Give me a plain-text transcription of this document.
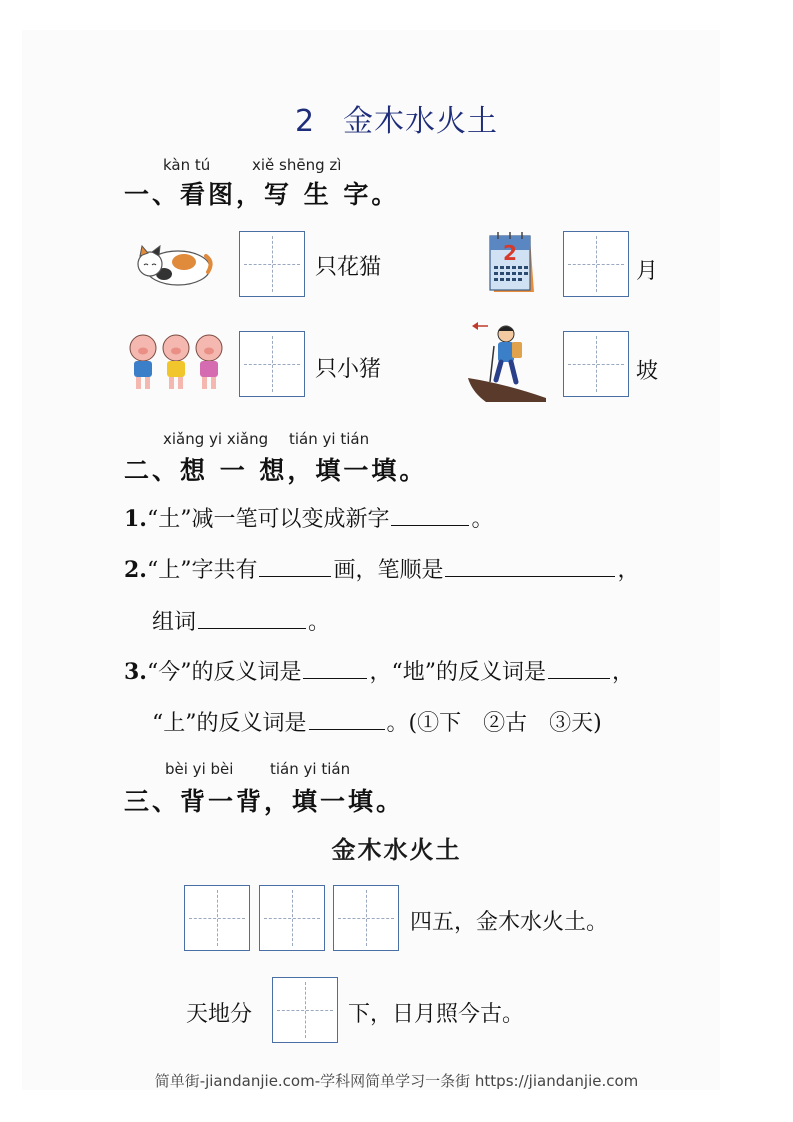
2 金木水火土
kàn tú	xiě shēng zì
一、看图，写 生 字。
只花猫
2
月
只小猪	坡
xiǎng yi xiǎng tián yi tián
二、想 一 想，填一填。
1.“土”减一笔可以变成新字	。
2.“上”字共有	画，笔顺是	，
组词	。
3.“今”的反义词是	，“地”的反义词是	，
“上”的反义词是	。(①下　②古　③天)
bèi yi bèi tián yi tián
三、背一背，填一填。
金木水火土
四五，金木水火土。
天地分	下，日月照今古。
简单街-jiandanjie.com-学科网简单学习一条街 https://jiandanjie.com
